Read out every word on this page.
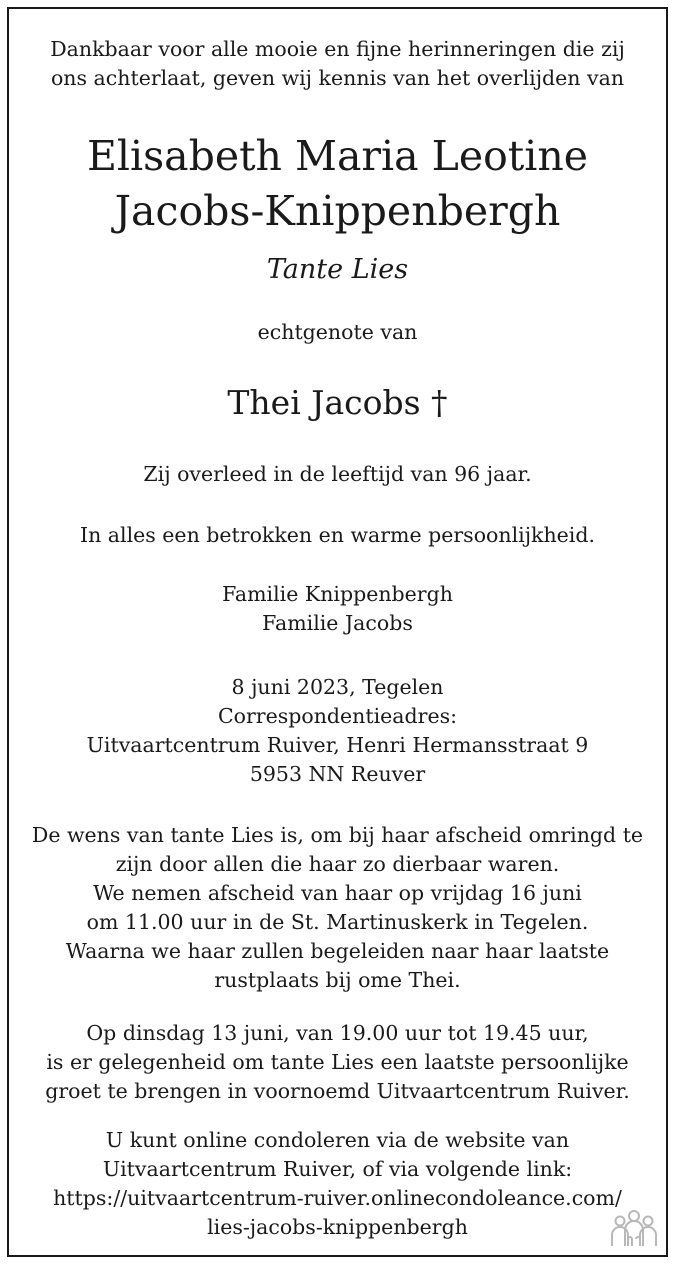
Dankbaar voor alle mooie en fijne herinneringen die zij

ons achterlaat, geven wij kennis van het overlijden van

Elisabeth Maria Leotine
Jacobs-Knippenbergh
Tante Lies

echtgenote van

Thei Jacobs †

Zij overleed in de leeftijd van 96 jaar.

In alles een betrokken en warme persoonlijkheid.

Familie Knippenbergh

Familie Jacobs

8 juni 2023, Tegelen

Correspondentieadres:

Uitvaartcentrum Ruiver, Henri Hermansstraat 9

5953 NN Reuver

De wens van tante Lies is, om bij haar afscheid omringd te

zijn door allen die haar zo dierbaar waren.

We nemen afscheid van haar op vrijdag 16 juni

om 11.00 uur in de St. Martinuskerk in Tegelen.

Waarna we haar zullen begeleiden naar haar laatste

rustplaats bij ome Thei.

Op dinsdag 13 juni, van 19.00 uur tot 19.45 uur,

is er gelegenheid om tante Lies een laatste persoonlijke

groet te brengen in voornoemd Uitvaartcentrum Ruiver.

U kunt online condoleren via de website van

Uitvaartcentrum Ruiver, of via volgende link:

https://uitvaartcentrum-ruiver.onlinecondoleance.com/

lies-jacobs-knippenbergh
